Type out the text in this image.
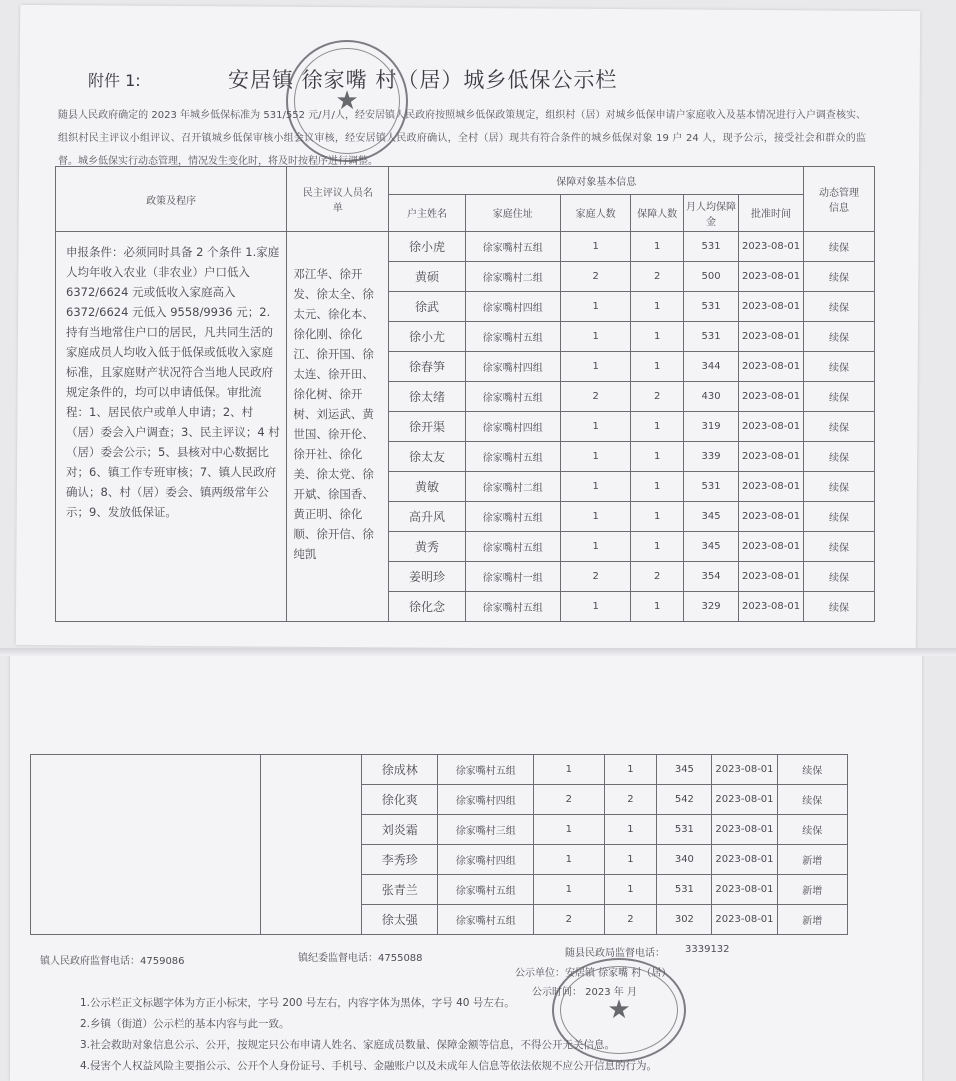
附件 1:	安居镇 徐家嘴 村（居）城乡低保公示栏
随县人民政府确定的 2023 年城乡低保标准为 531/552 元/月/人，经安居镇人民政府按照城乡低保政策规定，组织村（居）对城乡低保申请户家庭收入及基本情况进行入户调查核实、组织村民主评议小组评议、召开镇城乡低保审核小组会议审核，经安居镇人民政府确认，全村（居）现共有符合条件的城乡低保对象 19 户 24 人，现予公示，接受社会和群众的监督。城乡低保实行动态管理，情况发生变化时，将及时按程序进行调整。
政策及程序	民主评议人员名单	保障对象基本信息						动态管理信息
		户主姓名	家庭住址	家庭人数	保障人数	月人均保障金	批准时间	
申报条件：必须同时具备 2 个条件 1.家庭人均年收入农业（非农业）户口低入 6372/6624 元或低收入家庭高入 6372/6624 元低入 9558/9936 元；2. 持有当地常住户口的居民，凡共同生活的家庭成员人均收入低于低保或低收入家庭标准，且家庭财产状况符合当地人民政府规定条件的，均可以申请低保。审批流程：1、居民依户或单人申请；2、村（居）委会入户调查；3、民主评议；4 村（居）委会公示；5、县核对中心数据比对；6、镇工作专班审核；7、镇人民政府确认；8、村（居）委会、镇两级常年公示；9、发放低保证。	邓江华、徐开发、徐太全、徐太元、徐化本、徐化刚、徐化江、徐开国、徐太连、徐开田、徐化树、徐开树、刘运武、黄世国、徐开伦、徐开社、徐化美、徐太党、徐开斌、徐国香、黄正明、徐化顺、徐开信、徐纯凯	徐小虎	徐家嘴村五组	1	1	531	2023-08-01	续保
		黄硕	徐家嘴村二组	2	2	500	2023-08-01	续保
		徐武	徐家嘴村四组	1	1	531	2023-08-01	续保
		徐小尤	徐家嘴村五组	1	1	531	2023-08-01	续保
		徐春笋	徐家嘴村四组	1	1	344	2023-08-01	续保
		徐太绪	徐家嘴村五组	2	2	430	2023-08-01	续保
		徐开渠	徐家嘴村四组	1	1	319	2023-08-01	续保
		徐太友	徐家嘴村五组	1	1	339	2023-08-01	续保
		黄敏	徐家嘴村二组	1	1	531	2023-08-01	续保
		高升风	徐家嘴村五组	1	1	345	2023-08-01	续保
		黄秀	徐家嘴村五组	1	1	345	2023-08-01	续保
		姜明珍	徐家嘴村一组	2	2	354	2023-08-01	续保
		徐化念	徐家嘴村五组	1	1	329	2023-08-01	续保
		徐成林	徐家嘴村五组	1	1	345	2023-08-01	续保
		徐化爽	徐家嘴村四组	2	2	542	2023-08-01	续保
		刘炎霜	徐家嘴村三组	1	1	531	2023-08-01	续保
		李秀珍	徐家嘴村四组	1	1	340	2023-08-01	新增
		张青兰	徐家嘴村五组	1	1	531	2023-08-01	新增
		徐太强	徐家嘴村五组	2	2	302	2023-08-01	新增
镇人民政府监督电话：4759086	镇纪委监督电话：4755088	随县民政局监督电话： 3339132
公示单位：安居镇 徐家嘴 村（居）
公示时间： 2023 年 月
1.公示栏正文标题字体为方正小标宋，字号 200 号左右，内容字体为黑体，字号 40 号左右。
2.乡镇（街道）公示栏的基本内容与此一致。
3.社会救助对象信息公示、公开，按规定只公布申请人姓名、家庭成员数量、保障金额等信息，不得公开无关信息。
4.侵害个人权益风险主要指公示、公开个人身份证号、手机号、金融账户以及未成年人信息等依法依规不应公开信息的行为。
★
★
